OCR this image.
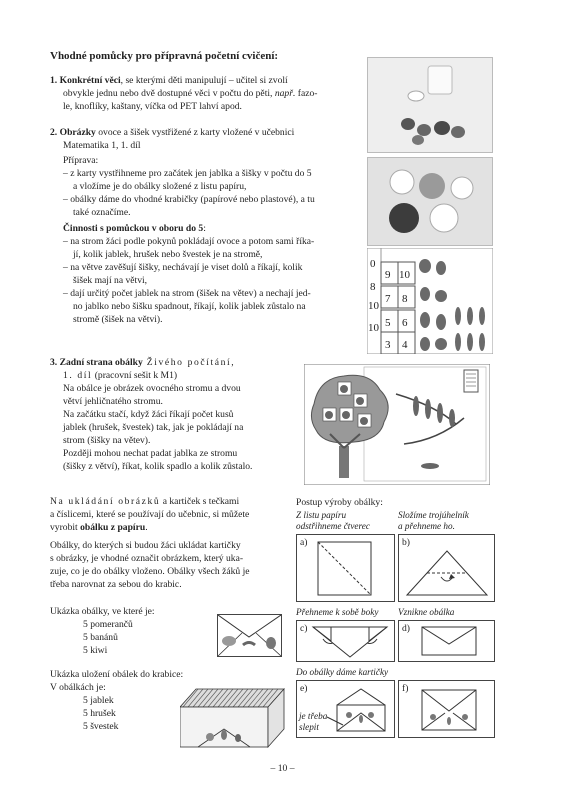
Vhodné pomůcky pro přípravná početní cvičení:
1. Konkrétní věci, se kterými děti manipulují – učitel si zvolí
obvykle jednu nebo dvě dostupné věci v počtu do pěti, např. fazo-
le, knoflíky, kaštany, víčka od PET lahví apod.
2. Obrázky ovoce a šišek vystřižené z karty vložené v učebnici
Matematika 1, 1. díl
Příprava:
– z karty vystřihneme pro začátek jen jablka a šišky v počtu do 5
a vložíme je do obálky složené z listu papíru,
– obálky dáme do vhodné krabičky (papírové nebo plastové), a tu
také označíme.
Činnosti s pomůckou v oboru do 5:
– na strom žáci podle pokynů pokládají ovoce a potom sami říka-
jí, kolik jablek, hrušek nebo švestek je na stromě,
– na větve zavěšují šišky, nechávají je viset dolů a říkají, kolik
šišek mají na větvi,
– dají určitý počet jablek na strom (šišek na větev) a nechají jed-
no jablko nebo šišku spadnout, říkají, kolik jablek zůstalo na
stromě (šišek na větvi).
3. Zadní strana obálky Živého počítání,
1. díl (pracovní sešit k M1)
Na obálce je obrázek ovocného stromu a dvou
větví jehličnatého stromu.
Na začátku stačí, když žáci říkají počet kusů
jablek (hrušek, švestek) tak, jak je pokládají na
strom (šišky na větev).
Později mohou nechat padat jablka ze stromu
(šišky z větví), říkat, kolik spadlo a kolik zůstalo.
Na ukládání obrázků a kartiček s tečkami
a číslicemi, které se používají do učebnic, si můžete
vyrobit obálku z papíru.
Obálky, do kterých si budou žáci ukládat kartičky
s obrázky, je vhodné označit obrázkem, který uka-
zuje, co je do obálky vloženo. Obálky všech žáků je
třeba narovnat za sebou do krabic.
Ukázka obálky, ve které je:
5 pomerančů
5 banánů
5 kiwi
Ukázka uložení obálek do krabice:
V obálkách je:
5 jablek
5 hrušek
5 švestek
0
8
10
10
9 10
7 8
5 6
3 4
Postup výroby obálky:
Z listu papíru
odstřihneme čtverec
Složíme trojúhelník
a přehneme ho.
a)	b)
Přehneme k sobě boky Vznikne obálka
c)	d)
Do obálky dáme kartičky
e)
je třeba
slepit
f)
– 10 –
